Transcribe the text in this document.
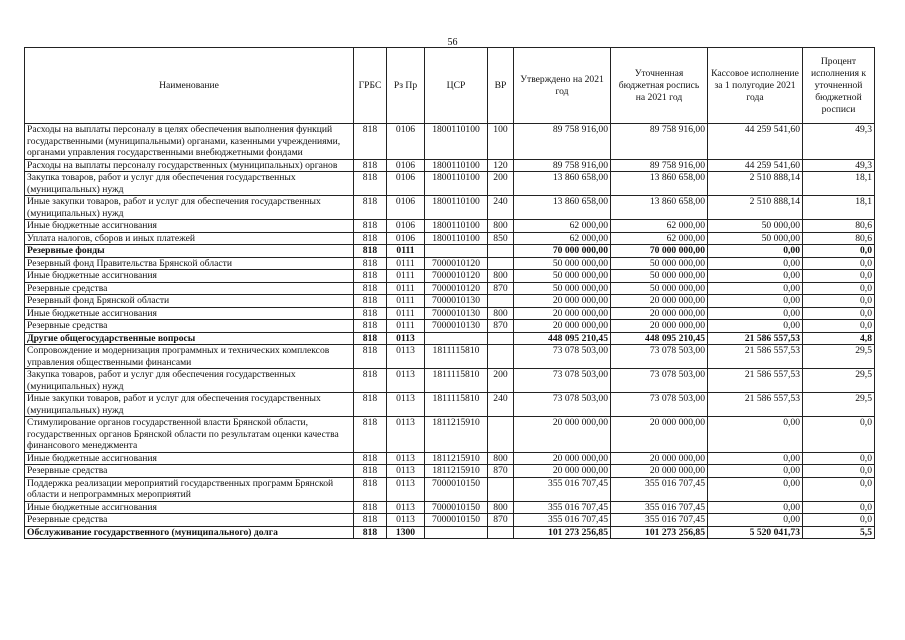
56
Наименование	ГРБС	Рз Пр	ЦСР	ВР	Утверждено на 2021 год	Уточненная бюджетная роспись на 2021 год	Кассовое исполнение за 1 полугодие 2021 года	Процент исполнения к уточненной бюджетной росписи
Расходы на выплаты персоналу в целях обеспечения выполнения функций государственными (муниципальными) органами, казенными учреждениями, органами управления государственными внебюджетными фондами	818	0106	1800110100	100	89 758 916,00	89 758 916,00	44 259 541,60	49,3
Расходы на выплаты персоналу государственных (муниципальных) органов	818	0106	1800110100	120	89 758 916,00	89 758 916,00	44 259 541,60	49,3
Закупка товаров, работ и услуг для обеспечения государственных (муниципальных) нужд	818	0106	1800110100	200	13 860 658,00	13 860 658,00	2 510 888,14	18,1
Иные закупки товаров, работ и услуг для обеспечения государственных (муниципальных) нужд	818	0106	1800110100	240	13 860 658,00	13 860 658,00	2 510 888,14	18,1
Иные бюджетные ассигнования	818	0106	1800110100	800	62 000,00	62 000,00	50 000,00	80,6
Уплата налогов, сборов и иных платежей	818	0106	1800110100	850	62 000,00	62 000,00	50 000,00	80,6
Резервные фонды	818	0111			70 000 000,00	70 000 000,00	0,00	0,0
Резервный фонд Правительства Брянской области	818	0111	7000010120		50 000 000,00	50 000 000,00	0,00	0,0
Иные бюджетные ассигнования	818	0111	7000010120	800	50 000 000,00	50 000 000,00	0,00	0,0
Резервные средства	818	0111	7000010120	870	50 000 000,00	50 000 000,00	0,00	0,0
Резервный фонд Брянской области	818	0111	7000010130		20 000 000,00	20 000 000,00	0,00	0,0
Иные бюджетные ассигнования	818	0111	7000010130	800	20 000 000,00	20 000 000,00	0,00	0,0
Резервные средства	818	0111	7000010130	870	20 000 000,00	20 000 000,00	0,00	0,0
Другие общегосударственные вопросы	818	0113			448 095 210,45	448 095 210,45	21 586 557,53	4,8
Сопровождение и модернизация программных и технических комплексов управления общественными финансами	818	0113	1811115810		73 078 503,00	73 078 503,00	21 586 557,53	29,5
Закупка товаров, работ и услуг для обеспечения государственных (муниципальных) нужд	818	0113	1811115810	200	73 078 503,00	73 078 503,00	21 586 557,53	29,5
Иные закупки товаров, работ и услуг для обеспечения государственных (муниципальных) нужд	818	0113	1811115810	240	73 078 503,00	73 078 503,00	21 586 557,53	29,5
Стимулирование органов государственной власти Брянской области, государственных органов Брянской области по результатам оценки качества финансового менеджмента	818	0113	1811215910		20 000 000,00	20 000 000,00	0,00	0,0
Иные бюджетные ассигнования	818	0113	1811215910	800	20 000 000,00	20 000 000,00	0,00	0,0
Резервные средства	818	0113	1811215910	870	20 000 000,00	20 000 000,00	0,00	0,0
Поддержка реализации мероприятий государственных программ Брянской области и непрограммных мероприятий	818	0113	7000010150		355 016 707,45	355 016 707,45	0,00	0,0
Иные бюджетные ассигнования	818	0113	7000010150	800	355 016 707,45	355 016 707,45	0,00	0,0
Резервные средства	818	0113	7000010150	870	355 016 707,45	355 016 707,45	0,00	0,0
Обслуживание государственного (муниципального) долга	818	1300			101 273 256,85	101 273 256,85	5 520 041,73	5,5
